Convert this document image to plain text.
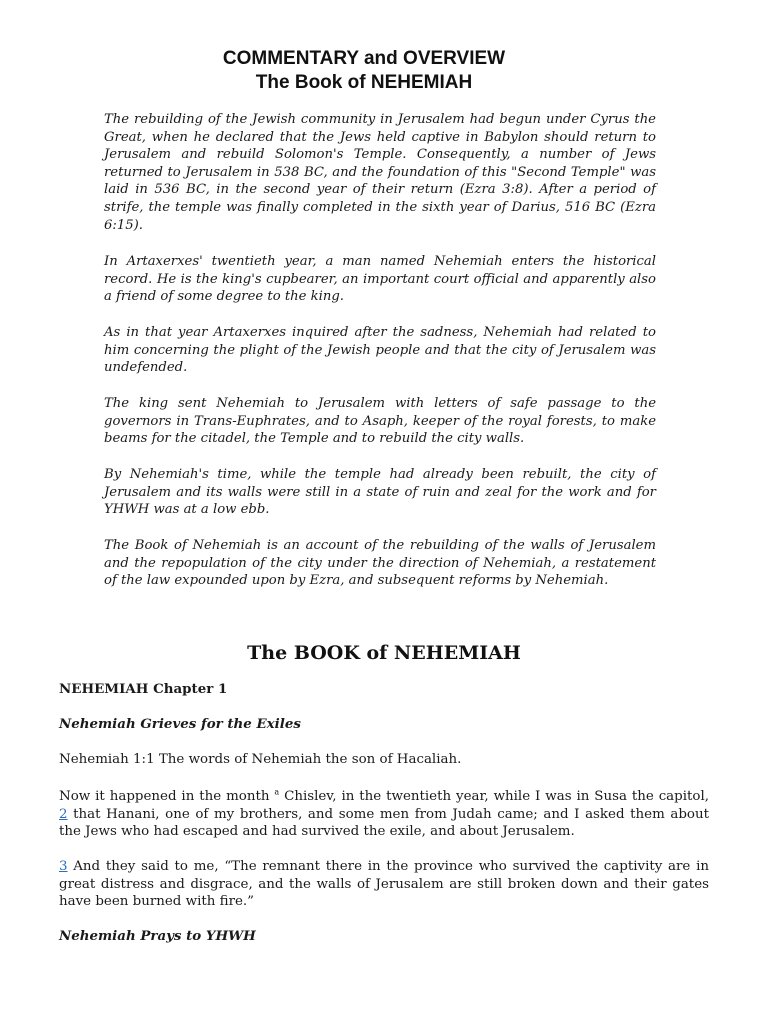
COMMENTARY and OVERVIEW
The Book of NEHEMIAH

The rebuilding of the Jewish community in Jerusalem had begun under Cyrus the Great, when he declared that the Jews held captive in Babylon should return to Jerusalem and rebuild Solomon's Temple. Consequently, a number of Jews returned to Jerusalem in 538 BC, and the foundation of this "Second Temple" was laid in 536 BC, in the second year of their return (Ezra 3:8). After a period of strife, the temple was finally completed in the sixth year of Darius, 516 BC (Ezra 6:15).

In Artaxerxes' twentieth year, a man named Nehemiah enters the historical record. He is the king's cupbearer, an important court official and apparently also a friend of some degree to the king.

As in that year Artaxerxes inquired after the sadness, Nehemiah had related to him concerning the plight of the Jewish people and that the city of Jerusalem was undefended.

The king sent Nehemiah to Jerusalem with letters of safe passage to the governors in Trans-Euphrates, and to Asaph, keeper of the royal forests, to make beams for the citadel, the Temple and to rebuild the city walls.

By Nehemiah's time, while the temple had already been rebuilt, the city of Jerusalem and its walls were still in a state of ruin and zeal for the work and for YHWH was at a low ebb.

The Book of Nehemiah is an account of the rebuilding of the walls of Jerusalem and the repopulation of the city under the direction of Nehemiah, a restatement of the law expounded upon by Ezra, and subsequent reforms by Nehemiah.

The BOOK of NEHEMIAH

NEHEMIAH Chapter 1

Nehemiah Grieves for the Exiles

Nehemiah 1:1 The words of Nehemiah the son of Hacaliah.

Now it happened in the month $^a$ Chislev, in the twentieth year, while I was in Susa the capitol, 2 that Hanani, one of my brothers, and some men from Judah came; and I asked them about the Jews who had escaped and had survived the exile, and about Jerusalem.

3 And they said to me, “The remnant there in the province who survived the captivity are in great distress and disgrace, and the walls of Jerusalem are still broken down and their gates have been burned with fire.”

Nehemiah Prays to YHWH
